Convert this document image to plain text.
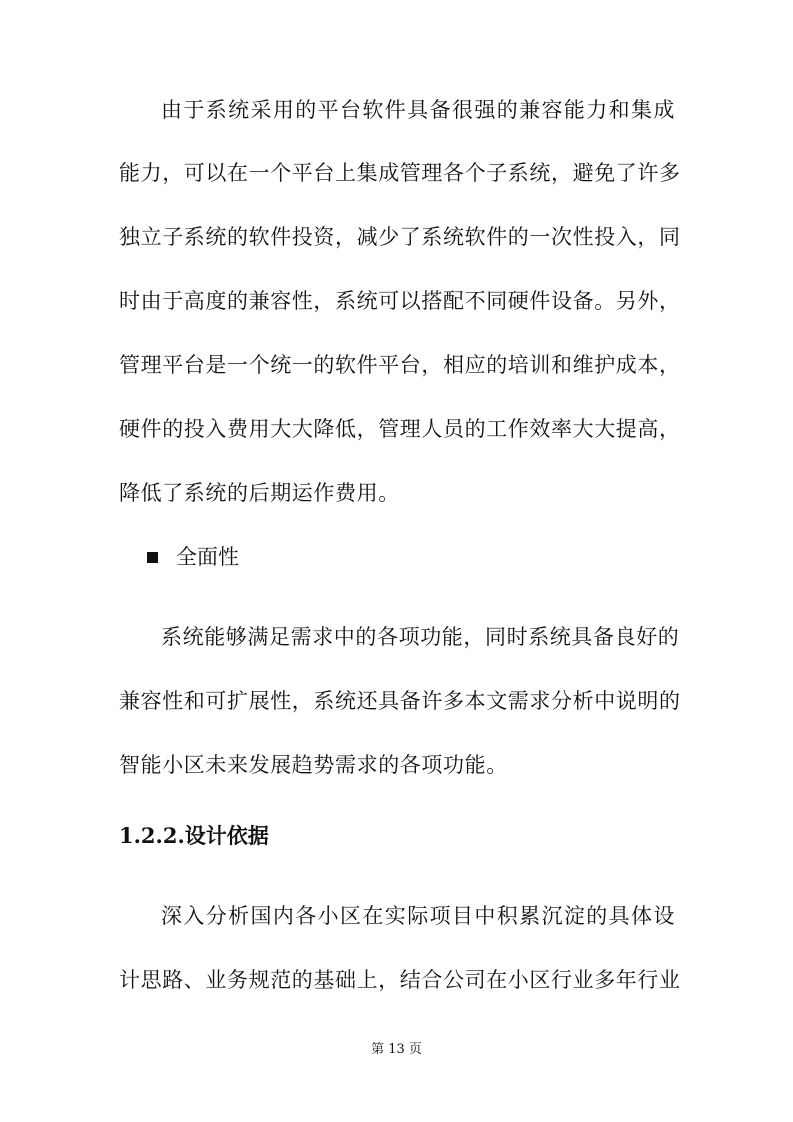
由于系统采用的平台软件具备很强的兼容能力和集成
能力，可以在一个平台上集成管理各个子系统，避免了许多
独立子系统的软件投资，减少了系统软件的一次性投入，同
时由于高度的兼容性，系统可以搭配不同硬件设备。另外，
管理平台是一个统一的软件平台，相应的培训和维护成本，
硬件的投入费用大大降低，管理人员的工作效率大大提高，
降低了系统的后期运作费用。
全面性
系统能够满足需求中的各项功能，同时系统具备良好的
兼容性和可扩展性，系统还具备许多本文需求分析中说明的
智能小区未来发展趋势需求的各项功能。
1.2.2.设计依据
深入分析国内各小区在实际项目中积累沉淀的具体设
计思路、业务规范的基础上，结合公司在小区行业多年行业
第 13 页
